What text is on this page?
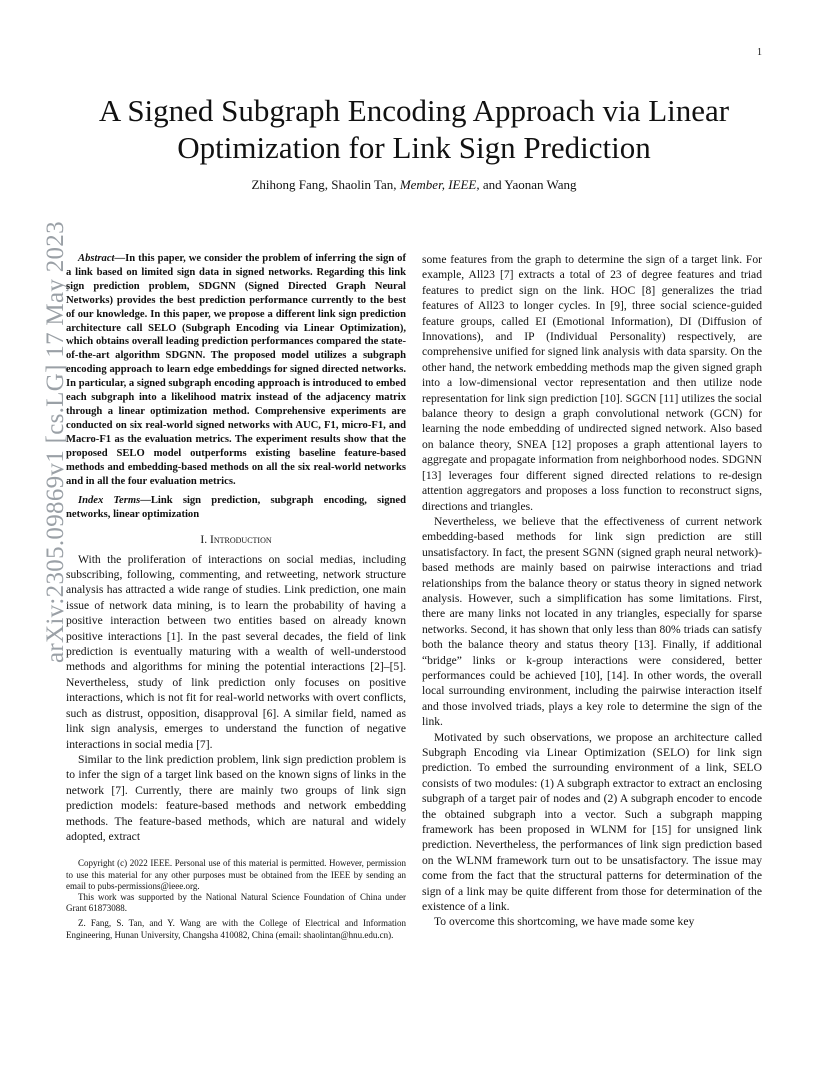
1
arXiv:2305.09869v1 [cs.LG] 17 May 2023
A Signed Subgraph Encoding Approach via Linear Optimization for Link Sign Prediction
Zhihong Fang, Shaolin Tan, Member, IEEE, and Yaonan Wang

Abstract—In this paper, we consider the problem of inferring the sign of a link based on limited sign data in signed networks. Regarding this link sign prediction problem, SDGNN (Signed Directed Graph Neural Networks) provides the best prediction performance currently to the best of our knowledge. In this paper, we propose a different link sign prediction architecture call SELO (Subgraph Encoding via Linear Optimization), which obtains overall leading prediction performances compared the state-of-the-art algorithm SDGNN. The proposed model utilizes a subgraph encoding approach to learn edge embeddings for signed directed networks. In particular, a signed subgraph encoding approach is introduced to embed each subgraph into a likelihood matrix instead of the adjacency matrix through a linear optimization method. Comprehensive experiments are conducted on six real-world signed networks with AUC, F1, micro-F1, and Macro-F1 as the evaluation metrics. The experiment results show that the proposed SELO model outperforms existing baseline feature-based methods and embedding-based methods on all the six real-world networks and in all the four evaluation metrics.

Index Terms—Link sign prediction, subgraph encoding, signed networks, linear optimization

I. Introduction

With the proliferation of interactions on social medias, including subscribing, following, commenting, and retweeting, network structure analysis has attracted a wide range of studies. Link prediction, one main issue of network data mining, is to learn the probability of having a positive interaction between two entities based on already known positive interactions [1]. In the past several decades, the field of link prediction is eventually maturing with a wealth of well-understood methods and algorithms for mining the potential interactions [2]–[5]. Nevertheless, study of link prediction only focuses on positive interactions, which is not fit for real-world networks with overt conflicts, such as distrust, opposition, disapproval [6]. A similar field, named as link sign analysis, emerges to understand the function of negative interactions in social media [7].

Similar to the link prediction problem, link sign prediction problem is to infer the sign of a target link based on the known signs of links in the network [7]. Currently, there are mainly two groups of link sign prediction models: feature-based methods and network embedding methods. The feature-based methods, which are natural and widely adopted, extract

Copyright (c) 2022 IEEE. Personal use of this material is permitted. However, permission to use this material for any other purposes must be obtained from the IEEE by sending an email to pubs-permissions@ieee.org.

This work was supported by the National Natural Science Foundation of China under Grant 61873088.

Z. Fang, S. Tan, and Y. Wang are with the College of Electrical and Information Engineering, Hunan University, Changsha 410082, China (email: shaolintan@hnu.edu.cn).

some features from the graph to determine the sign of a target link. For example, All23 [7] extracts a total of 23 of degree features and triad features to predict sign on the link. HOC [8] generalizes the triad features of All23 to longer cycles. In [9], three social science-guided feature groups, called EI (Emotional Information), DI (Diffusion of Innovations), and IP (Individual Personality) respectively, are comprehensive unified for signed link analysis with data sparsity. On the other hand, the network embedding methods map the given signed graph into a low-dimensional vector representation and then utilize node representation for link sign prediction [10]. SGCN [11] utilizes the social balance theory to design a graph convolutional network (GCN) for learning the node embedding of undirected signed network. Also based on balance theory, SNEA [12] proposes a graph attentional layers to aggregate and propagate information from neighborhood nodes. SDGNN [13] leverages four different signed directed relations to re-design attention aggregators and proposes a loss function to reconstruct signs, directions and triangles.

Nevertheless, we believe that the effectiveness of current network embedding-based methods for link sign prediction are still unsatisfactory. In fact, the present SGNN (signed graph neural network)-based methods are mainly based on pairwise interactions and triad relationships from the balance theory or status theory in signed network analysis. However, such a simplification has some limitations. First, there are many links not located in any triangles, especially for sparse networks. Second, it has shown that only less than 80% triads can satisfy both the balance theory and status theory [13]. Finally, if additional “bridge” links or k-group interactions were considered, better performances could be achieved [10], [14]. In other words, the overall local surrounding environment, including the pairwise interaction itself and those involved triads, plays a key role to determine the sign of the link.

Motivated by such observations, we propose an architecture called Subgraph Encoding via Linear Optimization (SELO) for link sign prediction. To embed the surrounding environment of a link, SELO consists of two modules: (1) A subgraph extractor to extract an enclosing subgraph of a target pair of nodes and (2) A subgraph encoder to encode the obtained subgraph into a vector. Such a subgraph mapping framework has been proposed in WLNM for [15] for unsigned link prediction. Nevertheless, the performances of link sign prediction based on the WLNM framework turn out to be unsatisfactory. The issue may come from the fact that the structural patterns for determination of the sign of a link may be quite different from those for determination of the existence of a link.

To overcome this shortcoming, we have made some key
